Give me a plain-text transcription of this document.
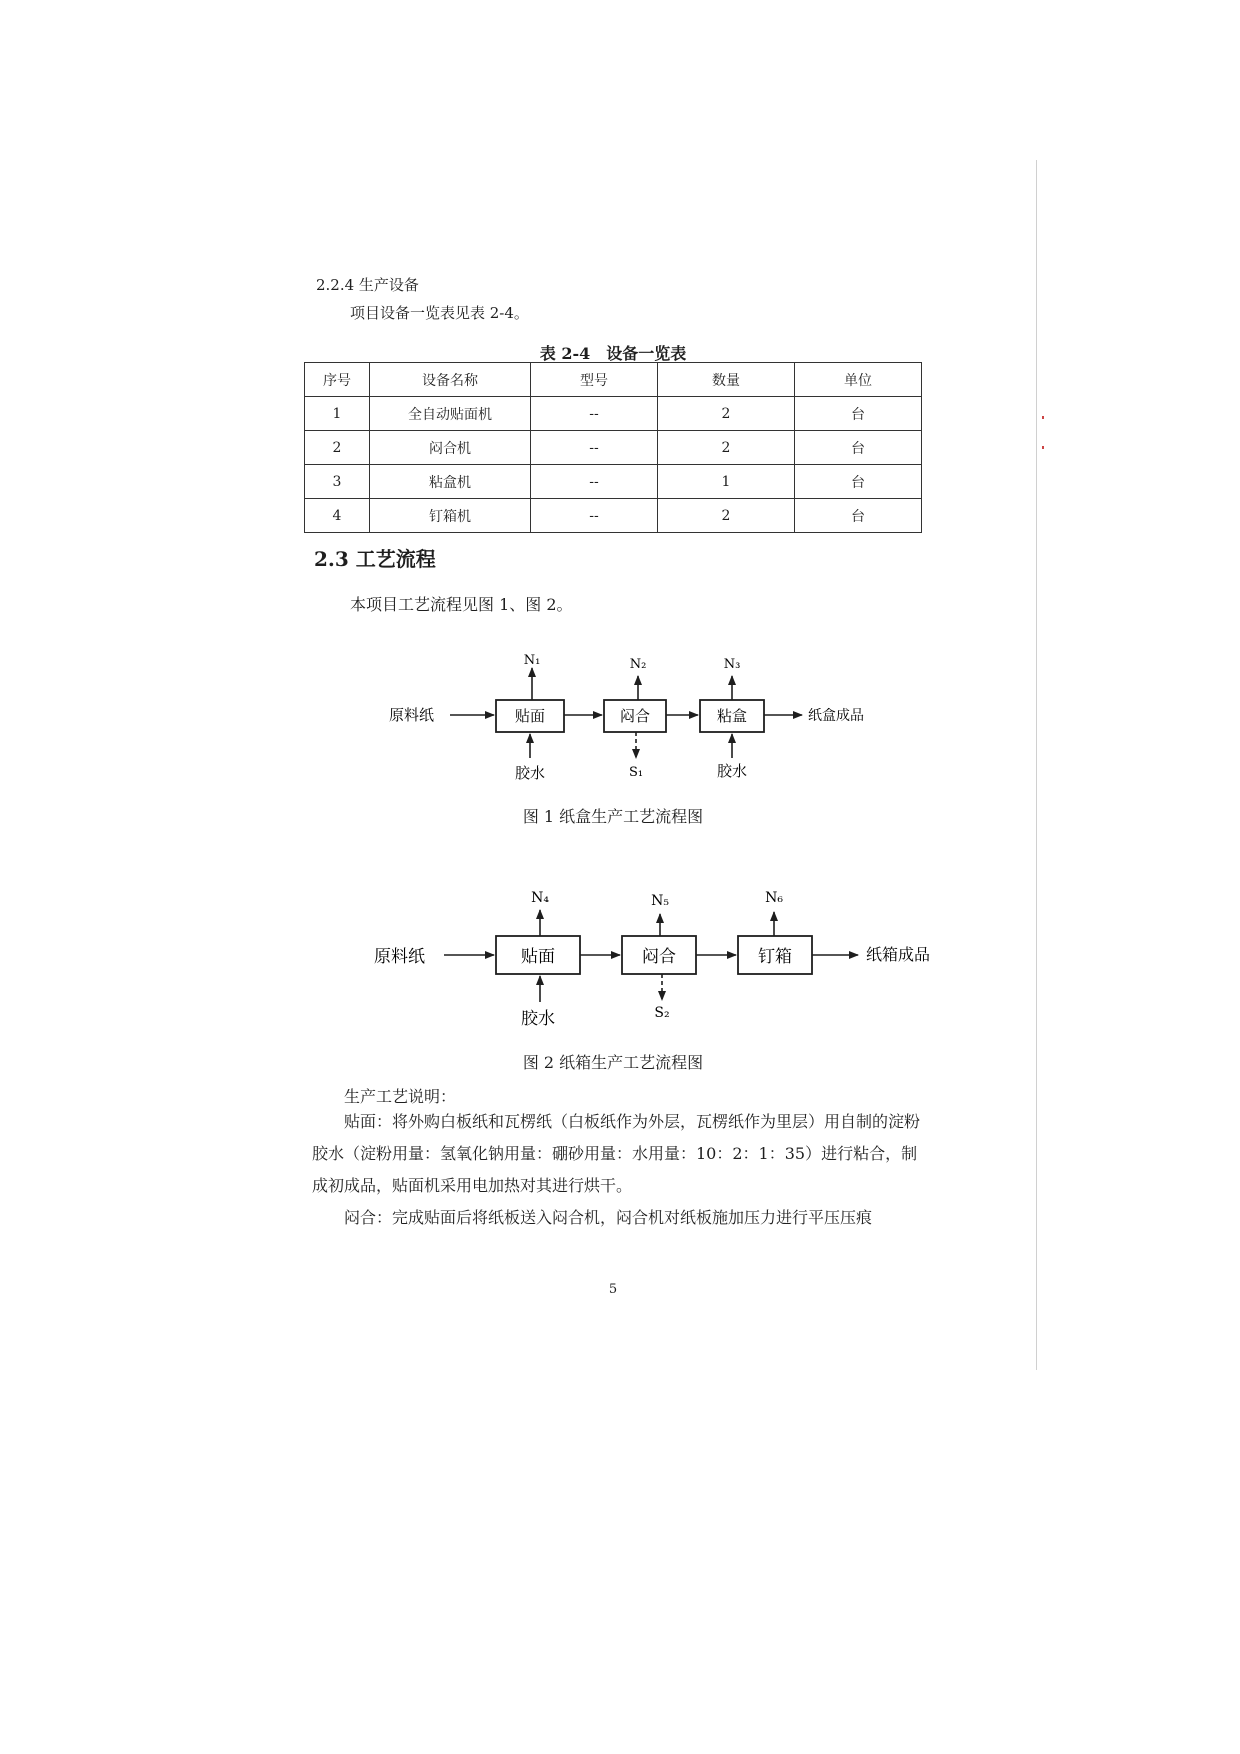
2.2.4 生产设备
项目设备一览表见表 2-4。
表 2-4　设备一览表
序号	设备名称	型号	数量	单位
1	全自动贴面机	--	2	台
2	闷合机	--	2	台
3	粘盒机	--	1	台
4	钉箱机	--	2	台
2.3 工艺流程
本项目工艺流程见图 1、图 2。
原料纸	贴面	闷合	粘盒	纸盒成品
N₁	N₂	N₃
胶水	胶水
S₁
原料纸	贴面	闷合	钉箱	纸箱成品
N₄	N₅	N₆
胶水	S₂
图 1 纸盒生产工艺流程图
图 2 纸箱生产工艺流程图
生产工艺说明：
贴面：将外购白板纸和瓦楞纸（白板纸作为外层，瓦楞纸作为里层）用自制的淀粉胶水（淀粉用量：氢氧化钠用量：硼砂用量：水用量：10：2：1：35）进行粘合，制成初成品，贴面机采用电加热对其进行烘干。
闷合：完成贴面后将纸板送入闷合机，闷合机对纸板施加压力进行平压压痕
5
